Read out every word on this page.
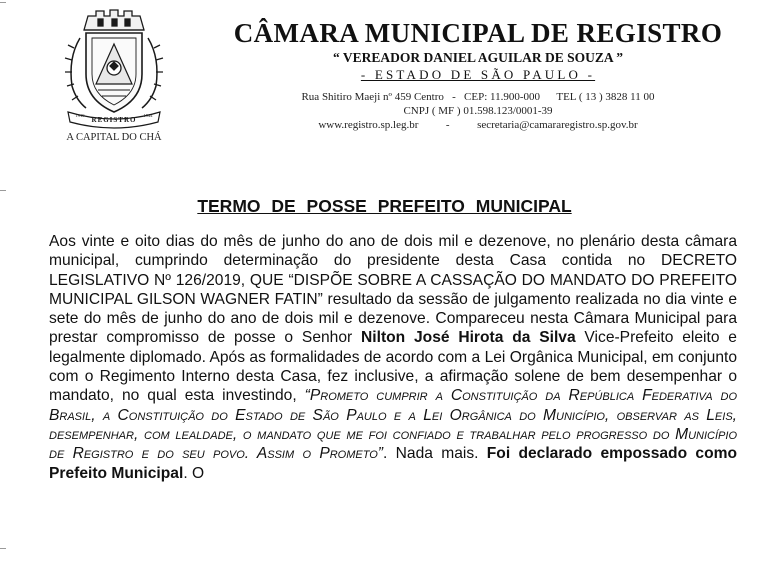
REGISTRO
1919	1944
A CAPITAL DO CHÁ
CÂMARA MUNICIPAL DE REGISTRO
“ VEREADOR DANIEL AGUILAR DE SOUZA ”
- ESTADO DE SÃO PAULO -
Rua Shitiro Maeji nº 459 Centro   -   CEP: 11.900-000      TEL ( 13 ) 3828 11 00
CNPJ ( MF ) 01.598.123/0001-39
www.registro.sp.leg.br          -          secretaria@camararegistro.sp.gov.br
TERMO DE POSSE PREFEITO MUNICIPAL
Aos vinte e oito dias do mês de junho do ano de dois mil e dezenove, no plenário desta câmara municipal, cumprindo determinação do presidente desta Casa contida no DECRETO LEGISLATIVO Nº 126/2019, QUE “DISPÕE SOBRE A CASSAÇÃO DO MANDATO DO PREFEITO MUNICIPAL GILSON WAGNER FATIN” resultado da sessão de julgamento realizada no dia vinte e sete do mês de junho do ano de dois mil e dezenove. Compareceu nesta Câmara Municipal para prestar compromisso de posse o Senhor Nilton José Hirota da Silva Vice-Prefeito eleito e legalmente diplomado. Após as formalidades de acordo com a Lei Orgânica Municipal, em conjunto com o Regimento Interno desta Casa, fez inclusive, a afirmação solene de bem desempenhar o mandato, no qual esta investindo, “Prometo cumprir a Constituição da República Federativa do Brasil, a Constituição do Estado de São Paulo e a Lei Orgânica do Município, observar as Leis, desempenhar, com lealdade, o mandato que me foi confiado e trabalhar pelo progresso do Município de Registro e do seu povo. Assim o Prometo”. Nada mais. Foi declarado empossado como Prefeito Municipal. O
